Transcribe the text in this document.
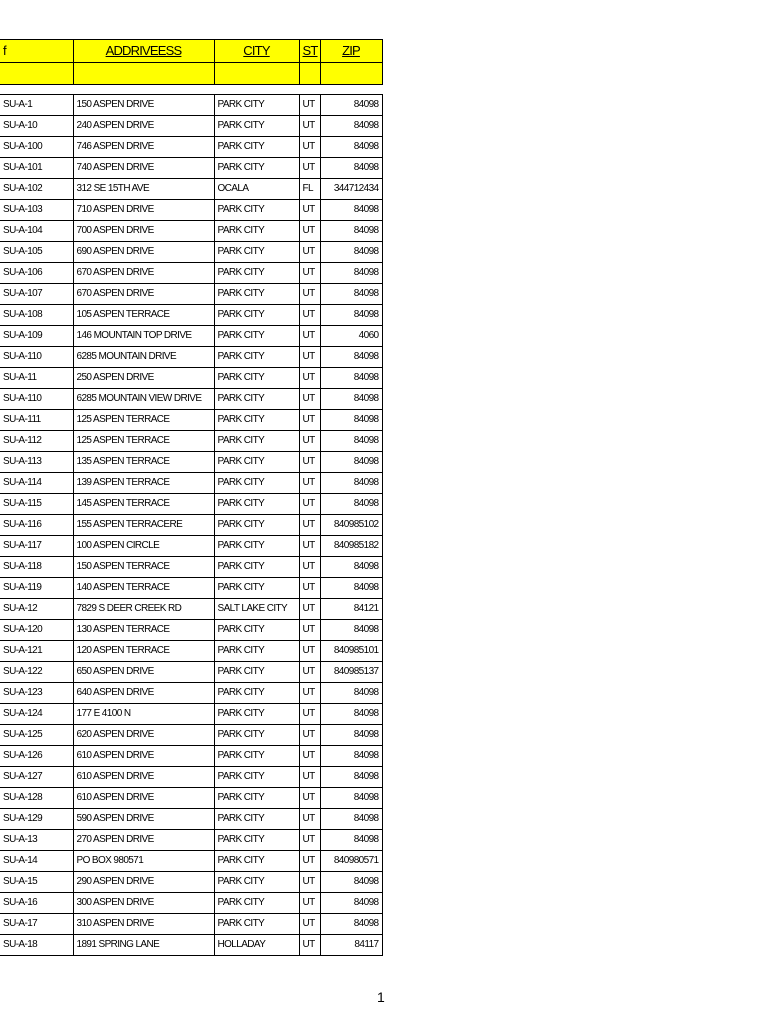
f	ADDRIVEESS	CITY	ST	ZIP

SU-A-1	150 ASPEN DRIVE	PARK CITY	UT	84098
SU-A-10	240 ASPEN DRIVE	PARK CITY	UT	84098
SU-A-100	746 ASPEN DRIVE	PARK CITY	UT	84098
SU-A-101	740 ASPEN DRIVE	PARK CITY	UT	84098
SU-A-102	312 SE 15TH AVE	OCALA	FL	344712434
SU-A-103	710 ASPEN DRIVE	PARK CITY	UT	84098
SU-A-104	700 ASPEN DRIVE	PARK CITY	UT	84098
SU-A-105	690 ASPEN DRIVE	PARK CITY	UT	84098
SU-A-106	670 ASPEN DRIVE	PARK CITY	UT	84098
SU-A-107	670 ASPEN DRIVE	PARK CITY	UT	84098
SU-A-108	105 ASPEN TERRACE	PARK CITY	UT	84098
SU-A-109	146 MOUNTAIN TOP DRIVE	PARK CITY	UT	4060
SU-A-110	6285 MOUNTAIN DRIVE	PARK CITY	UT	84098
SU-A-11	250 ASPEN DRIVE	PARK CITY	UT	84098
SU-A-110	6285 MOUNTAIN VIEW DRIVE	PARK CITY	UT	84098
SU-A-111	125 ASPEN TERRACE	PARK CITY	UT	84098
SU-A-112	125 ASPEN TERRACE	PARK CITY	UT	84098
SU-A-113	135 ASPEN TERRACE	PARK CITY	UT	84098
SU-A-114	139 ASPEN TERRACE	PARK CITY	UT	84098
SU-A-115	145 ASPEN TERRACE	PARK CITY	UT	84098
SU-A-116	155 ASPEN TERRACERE	PARK CITY	UT	840985102
SU-A-117	100 ASPEN CIRCLE	PARK CITY	UT	840985182
SU-A-118	150 ASPEN TERRACE	PARK CITY	UT	84098
SU-A-119	140 ASPEN TERRACE	PARK CITY	UT	84098
SU-A-12	7829 S DEER CREEK RD	SALT LAKE CITY	UT	84121
SU-A-120	130 ASPEN TERRACE	PARK CITY	UT	84098
SU-A-121	120 ASPEN TERRACE	PARK CITY	UT	840985101
SU-A-122	650 ASPEN DRIVE	PARK CITY	UT	840985137
SU-A-123	640 ASPEN DRIVE	PARK CITY	UT	84098
SU-A-124	177 E 4100 N	PARK CITY	UT	84098
SU-A-125	620 ASPEN DRIVE	PARK CITY	UT	84098
SU-A-126	610 ASPEN DRIVE	PARK CITY	UT	84098
SU-A-127	610 ASPEN DRIVE	PARK CITY	UT	84098
SU-A-128	610 ASPEN DRIVE	PARK CITY	UT	84098
SU-A-129	590 ASPEN DRIVE	PARK CITY	UT	84098
SU-A-13	270 ASPEN DRIVE	PARK CITY	UT	84098
SU-A-14	PO BOX 980571	PARK CITY	UT	840980571
SU-A-15	290 ASPEN DRIVE	PARK CITY	UT	84098
SU-A-16	300 ASPEN DRIVE	PARK CITY	UT	84098
SU-A-17	310 ASPEN DRIVE	PARK CITY	UT	84098
SU-A-18	1891 SPRING LANE	HOLLADAY	UT	84117
1
